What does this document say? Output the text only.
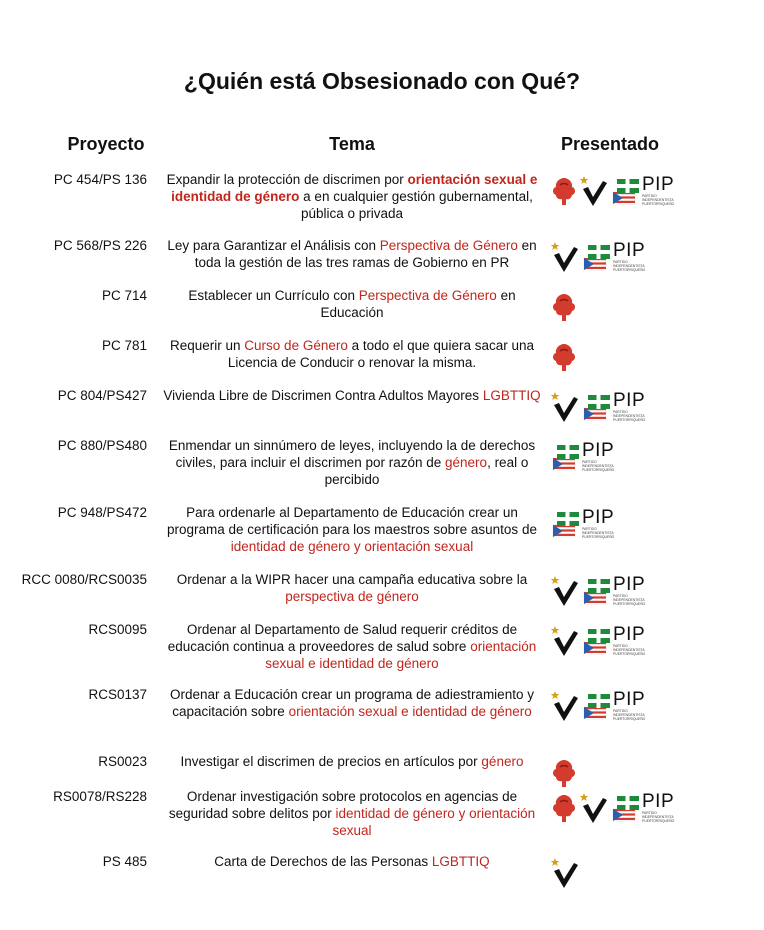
¿Quién está Obsesionado con Qué?
Proyecto	Tema	Presentado
PC 454/PS 136	Expandir la protección de discrimen por orientación sexual e identidad de género a en cualquier gestión gubernamental, pública o privada
PIP
PARTIDO
INDEPENDENTISTA
PUERTORRIQUEÑO
PC 568/PS 226	Ley para Garantizar el Análisis con Perspectiva de Género en toda la gestión de las tres ramas de Gobierno en PR
PIP
PARTIDO
INDEPENDENTISTA
PUERTORRIQUEÑO
PC 714	Establecer un Currículo con Perspectiva de Género en Educación
PC 781	Requerir un Curso de Género a todo el que quiera sacar una Licencia de Conducir o renovar la misma.
PC 804/PS427 Vivienda Libre de Discrimen Contra Adultos Mayores LGBTTIQ	PIP
PARTIDO
INDEPENDENTISTA
PUERTORRIQUEÑO
PC 880/PS480	Enmendar un sinnúmero de leyes, incluyendo la de derechos civiles, para incluir el discrimen por razón de género, real o percibido
PIP
PARTIDO
INDEPENDENTISTA
PUERTORRIQUEÑO
PC 948/PS472	Para ordenarle al Departamento de Educación crear un programa de certificación para los maestros sobre asuntos de identidad de género y orientación sexual
PIP
PARTIDO
INDEPENDENTISTA
PUERTORRIQUEÑO
RCC 0080/RCS0035	Ordenar a la WIPR hacer una campaña educativa sobre la perspectiva de género
PIP
PARTIDO
INDEPENDENTISTA
PUERTORRIQUEÑO
RCS0095	Ordenar al Departamento de Salud requerir créditos de educación continua a proveedores de salud sobre orientación sexual e identidad de género
PIP
PARTIDO
INDEPENDENTISTA
PUERTORRIQUEÑO
RCS0137	Ordenar a Educación crear un programa de adiestramiento y capacitación sobre orientación sexual e identidad de género
PIP
PARTIDO
INDEPENDENTISTA
PUERTORRIQUEÑO
RS0023	Investigar el discrimen de precios en artículos por género
RS0078/RS228	Ordenar investigación sobre protocolos en agencias de seguridad sobre delitos por identidad de género y orientación sexual
PIP
PARTIDO
INDEPENDENTISTA
PUERTORRIQUEÑO
PS 485	Carta de Derechos de las Personas LGBTTIQ
